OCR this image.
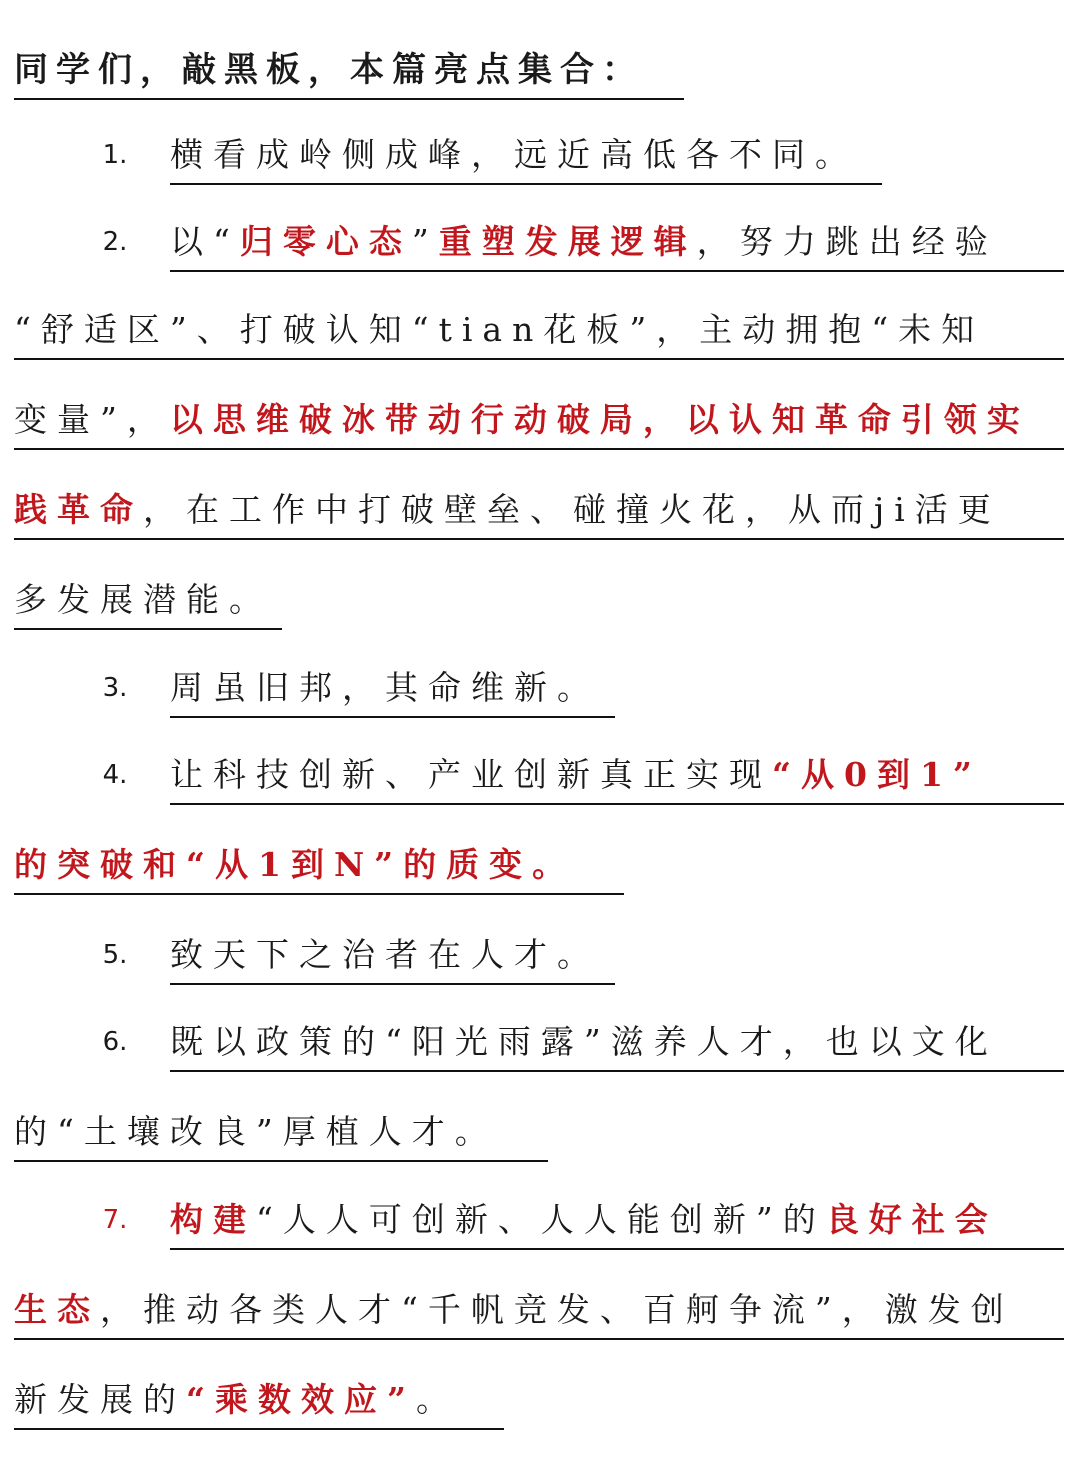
同学们，敲黑板，本篇亮点集合：
1. 横看成岭侧成峰，远近高低各不同。
2. 以“归零心态”重塑发展逻辑，努力跳出经验
“舒适区”、打破认知“tian花板”，主动拥抱“未知
变量”，以思维破冰带动行动破局，以认知革命引领实
践革命，在工作中打破壁垒、碰撞火花，从而ji活更
多发展潜能。
3. 周虽旧邦，其命维新。
4. 让科技创新、产业创新真正实现“从0到1”
的突破和“从1到N”的质变。
5. 致天下之治者在人才。
6. 既以政策的“阳光雨露”滋养人才，也以文化
的“土壤改良”厚植人才。
7. 构建“人人可创新、人人能创新”的良好社会
生态，推动各类人才“千帆竞发、百舸争流”，激发创
新发展的“乘数效应”。
